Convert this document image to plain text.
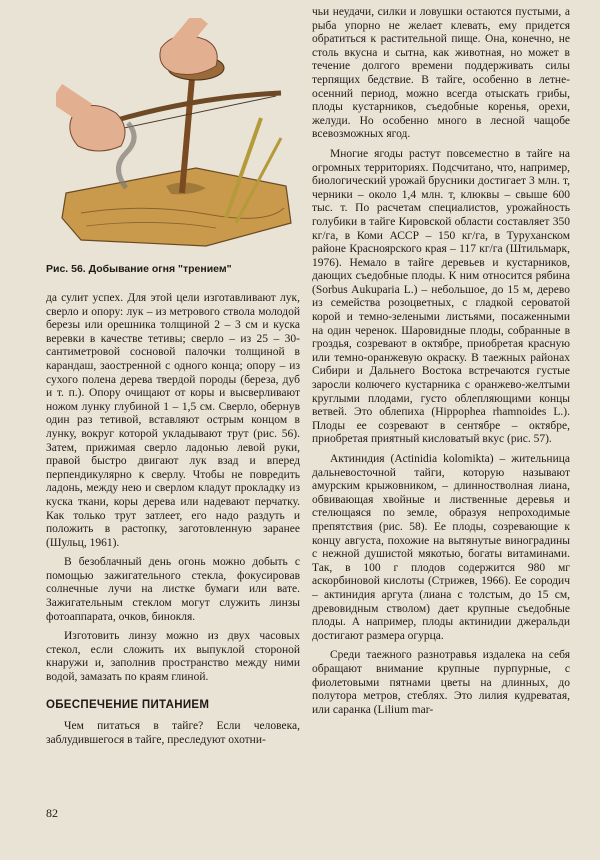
Рис. 56. Добывание огня "трением"

да сулит успех. Для этой цели изготавливают лук, сверло и опору: лук – из метрового ствола молодой березы или орешника толщиной 2 – 3 см и куска веревки в качестве тетивы; сверло – из 25 – 30-сантиметровой сосновой палочки толщиной в карандаш, заостренной с одного конца; опору – из сухого полена дерева твердой породы (береза, дуб и т. п.). Опору очищают от коры и высверливают ножом лунку глубиной 1 – 1,5 см. Сверло, обернув один раз тетивой, вставляют острым концом в лунку, вокруг которой укладывают трут (рис. 56). Затем, прижимая сверло ладонью левой руки, правой быстро двигают лук взад и вперед перпендикулярно к сверлу. Чтобы не повредить ладонь, между нею и сверлом кладут прокладку из куска ткани, коры дерева или надевают перчатку. Как только трут затлеет, его надо раздуть и положить в растопку, заготовленную заранее (Шульц, 1961).

В безоблачный день огонь можно добыть с помощью зажигательного стекла, фокусировав солнечные лучи на листке бумаги или вате. Зажигательным стеклом могут служить линзы фотоаппарата, очков, бинокля.

Изготовить линзу можно из двух часовых стекол, если сложить их выпуклой стороной кнаружи и, заполнив пространство между ними водой, замазать по краям глиной.

ОБЕСПЕЧЕНИЕ ПИТАНИЕМ

Чем питаться в тайге? Если человека, заблудившегося в тайге, преследуют охотни-

чьи неудачи, силки и ловушки остаются пустыми, а рыба упорно не желает клевать, ему придется обратиться к растительной пище. Она, конечно, не столь вкусна и сытна, как животная, но может в течение долгого времени поддерживать силы терпящих бедствие. В тайге, особенно в летне-осенний период, можно всегда отыскать грибы, плоды кустарников, съедобные коренья, орехи, желуди. Но особенно много в лесной чащобе всевозможных ягод.

Многие ягоды растут повсеместно в тайге на огромных территориях. Подсчитано, что, например, биологический урожай брусники достигает 3 млн. т, черники – около 1,4 млн. т, клюквы – свыше 600 тыс. т. По расчетам специалистов, урожайность голубики в тайге Кировской области составляет 350 кг/га, в Коми АССР – 150 кг/га, в Туруханском районе Красноярского края – 117 кг/га (Штильмарк, 1976). Немало в тайге деревьев и кустарников, дающих съедобные плоды. К ним относится рябина (Sorbus Aukuparia L.) – небольшое, до 15 м, дерево из семейства розоцветных, с гладкой сероватой корой и темно-зелеными листьями, посаженными на один черенок. Шаровидные плоды, собранные в гроздья, созревают в октябре, приобретая красную или темно-оранжевую окраску. В таежных районах Сибири и Дальнего Востока встречаются густые заросли колючего кустарника с оранжево-желтыми круглыми плодами, густо облепляющими концы ветвей. Это облепиха (Hippophea rhamnoides L.). Плоды ее созревают в сентябре – октябре, приобретая приятный кисловатый вкус (рис. 57).

Актинидия (Actinidia kolomikta) – жительница дальневосточной тайги, которую называют амурским крыжовником, – длинностволная лиана, обвивающая хвойные и лиственные деревья и стелющаяся по земле, образуя непроходимые препятствия (рис. 58). Ее плоды, созревающие к концу августа, похожие на вытянутые виноградины с нежной душистой мякотью, богаты витаминами. Так, в 100 г плодов содержится 980 мг аскорбиновой кислоты (Стрижев, 1966). Ее сородич – актинидия аргута (лиана с толстым, до 15 см, древовидным стволом) дает крупные съедобные плоды. А например, плоды актинидии джеральди достигают размера огурца.

Среди таежного разнотравья издалека на себя обращают внимание крупные пурпурные, с фиолетовыми пятнами цветы на длинных, до полутора метров, стеблях. Это лилия кудреватая, или саранка (Lilium mar-

82
